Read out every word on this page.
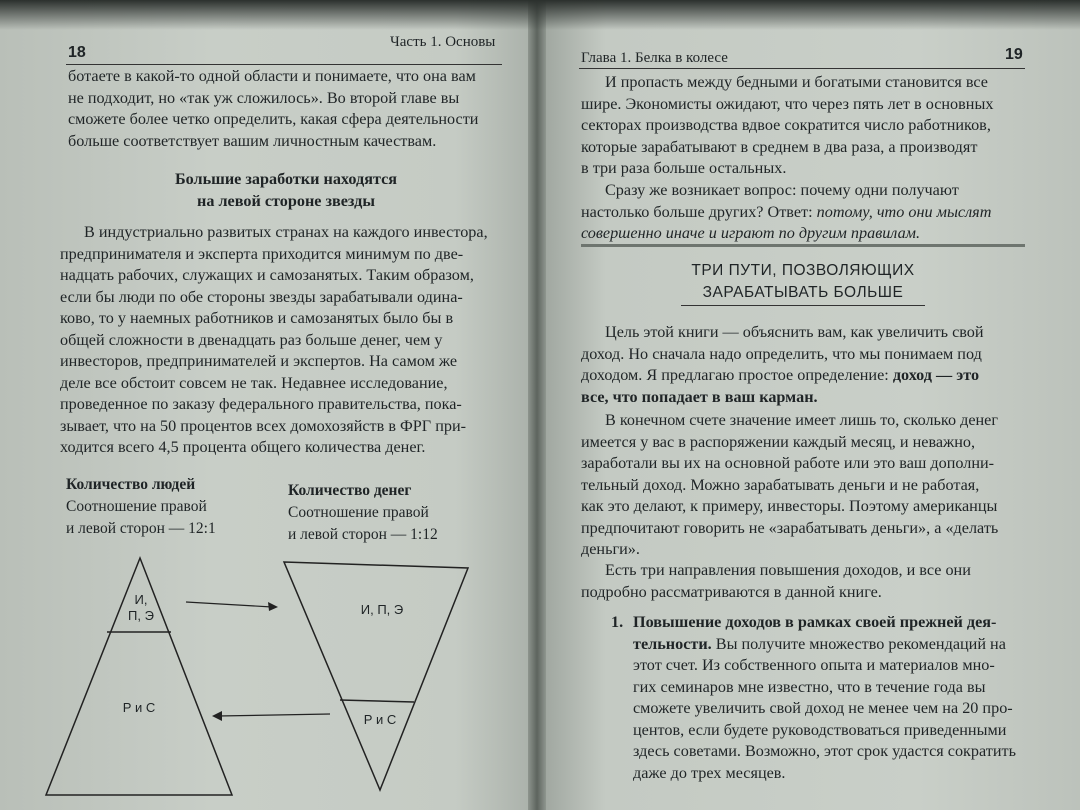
Часть 1. Основы
18
ботаете в какой-то одной области и понимаете, что она вам
не подходит, но «так уж сложилось». Во второй главе вы
сможете более четко определить, какая сфера деятельности
больше соответствует вашим личностным качествам.
Большие заработки находятся
на левой стороне звезды
В индустриально развитых странах на каждого инвестора,
предпринимателя и эксперта приходится минимум по две-
надцать рабочих, служащих и самозанятых. Таким образом,
если бы люди по обе стороны звезды зарабатывали одина-
ково, то у наемных работников и самозанятых было бы в
общей сложности в двенадцать раз больше денег, чем у
инвесторов, предпринимателей и экспертов. На самом же
деле все обстоит совсем не так. Недавнее исследование,
проведенное по заказу федерального правительства, пока-
зывает, что на 50 процентов всех домохозяйств в ФРГ при-
ходится всего 4,5 процента общего количества денег.
Количество людей
Соотношение правой
и левой сторон — 12:1
Количество денег
Соотношение правой
и левой сторон — 1:12
И,
П, Э
Р и С
И, П, Э
Р и С
Глава 1. Белка в колесе	19
И пропасть между бедными и богатыми становится все
шире. Экономисты ожидают, что через пять лет в основных
секторах производства вдвое сократится число работников,
которые зарабатывают в среднем в два раза, а производят
в три раза больше остальных.
Сразу же возникает вопрос: почему одни получают
настолько больше других? Ответ: потому, что они мыслят
совершенно иначе и играют по другим правилам.
ТРИ ПУТИ, ПОЗВОЛЯЮЩИХ
ЗАРАБАТЫВАТЬ БОЛЬШЕ
Цель этой книги — объяснить вам, как увеличить свой
доход. Но сначала надо определить, что мы понимаем под
доходом. Я предлагаю простое определение: доход — это
все, что попадает в ваш карман.
В конечном счете значение имеет лишь то, сколько денег
имеется у вас в распоряжении каждый месяц, и неважно,
заработали вы их на основной работе или это ваш дополни-
тельный доход. Можно зарабатывать деньги и не работая,
как это делают, к примеру, инвесторы. Поэтому американцы
предпочитают говорить не «зарабатывать деньги», а «делать
деньги».
Есть три направления повышения доходов, и все они
подробно рассматриваются в данной книге.
1. Повышение доходов в рамках своей прежней дея-
тельности. Вы получите множество рекомендаций на
этот счет. Из собственного опыта и материалов мно-
гих семинаров мне известно, что в течение года вы
сможете увеличить свой доход не менее чем на 20 про-
центов, если будете руководствоваться приведенными
здесь советами. Возможно, этот срок удастся сократить
даже до трех месяцев.
